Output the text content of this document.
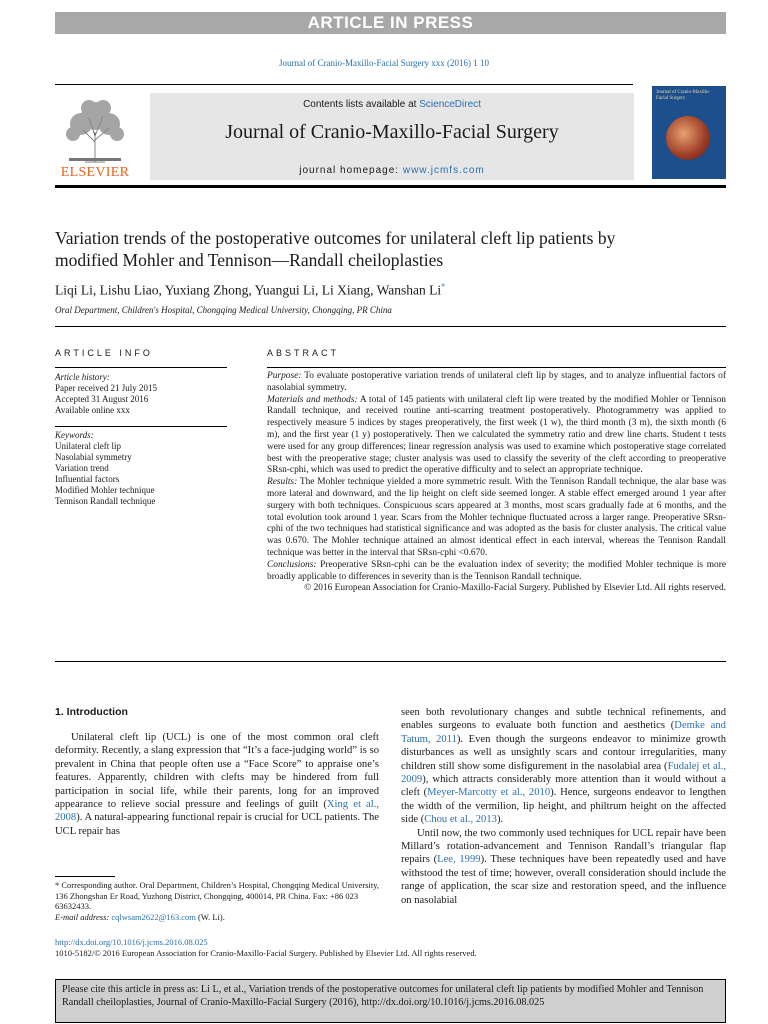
ARTICLE IN PRESS
Journal of Cranio-Maxillo-Facial Surgery xxx (2016) 1 10
ELSEVIER
Contents lists available at ScienceDirect
Journal of Cranio-Maxillo-Facial Surgery
journal homepage: www.jcmfs.com
Journal of Cranio-Maxillo-Facial Surgery
Variation trends of the postoperative outcomes for unilateral cleft lip patients by modified Mohler and Tennison—Randall cheiloplasties
Liqi Li, Lishu Liao, Yuxiang Zhong, Yuangui Li, Li Xiang, Wanshan Li*
Oral Department, Children's Hospital, Chongqing Medical University, Chongqing, PR China
ARTICLE INFO
Article history:
Paper received 21 July 2015
Accepted 31 August 2016
Available online xxx
Keywords:
Unilateral cleft lip
Nasolabial symmetry
Variation trend
Influential factors
Modified Mohler technique
Tennison Randall technique
ABSTRACT

Purpose: To evaluate postoperative variation trends of unilateral cleft lip by stages, and to analyze influential factors of nasolabial symmetry.

Materials and methods: A total of 145 patients with unilateral cleft lip were treated by the modified Mohler or Tennison Randall technique, and received routine anti-scarring treatment postoperatively. Photogrammetry was applied to respectively measure 5 indices by stages preoperatively, the first week (1 w), the third month (3 m), the sixth month (6 m), and the first year (1 y) postoperatively. Then we calculated the symmetry ratio and drew line charts. Student t tests were used for any group differences; linear regression analysis was used to examine which postoperative stage correlated best with the preoperative stage; cluster analysis was used to classify the severity of the cleft according to preoperative SRsn-cphi, which was used to predict the operative difficulty and to select an appropriate technique.

Results: The Mohler technique yielded a more symmetric result. With the Tennison Randall technique, the alar base was more lateral and downward, and the lip height on cleft side seemed longer. A stable effect emerged around 1 year after surgery with both techniques. Conspicuous scars appeared at 3 months, most scars gradually fade at 6 months, and the total evolution took around 1 year. Scars from the Mohler technique fluctuated across a larger range. Preoperative SRsn-cphi of the two techniques had statistical significance and was adopted as the basis for cluster analysis. The critical value was 0.670. The Mohler technique attained an almost identical effect in each interval, whereas the Tennison Randall technique was better in the interval that SRsn-cphi <0.670.

Conclusions: Preoperative SRsn-cphi can be the evaluation index of severity; the modified Mohler technique is more broadly applicable to differences in severity than is the Tennison Randall technique.

© 2016 European Association for Cranio-Maxillo-Facial Surgery. Published by Elsevier Ltd. All rights reserved.

1. Introduction

Unilateral cleft lip (UCL) is one of the most common oral cleft deformity. Recently, a slang expression that “It’s a face-judging world” is so prevalent in China that people often use a “Face Score” to appraise one’s features. Apparently, children with clefts may be hindered from full participation in social life, while their parents, long for an improved appearance to relieve social pressure and feelings of guilt (Xing et al., 2008). A natural-appearing functional repair is crucial for UCL patients. The UCL repair has

seen both revolutionary changes and subtle technical refinements, and enables surgeons to evaluate both function and aesthetics (Demke and Tatum, 2011). Even though the surgeons endeavor to minimize growth disturbances as well as unsightly scars and contour irregularities, many children still show some disfigurement in the nasolabial area (Fudalej et al., 2009), which attracts considerably more attention than it would without a cleft (Meyer-Marcotty et al., 2010). Hence, surgeons endeavor to lengthen the width of the vermilion, lip height, and philtrum height on the affected side (Chou et al., 2013).

Until now, the two commonly used techniques for UCL repair have been Millard’s rotation-advancement and Tennison Randall’s triangular flap repairs (Lee, 1999). These techniques have been repeatedly used and have withstood the test of time; however, overall consideration should include the range of application, the scar size and restoration speed, and the influence on nasolabial

* Corresponding author. Oral Department, Children’s Hospital, Chongqing Medical University, 136 Zhongshan Er Road, Yuzhong District, Chongqing, 400014, PR China. Fax: +86 023 63632433.
E-mail address: cqlwsam2622@163.com (W. Li).
http://dx.doi.org/10.1016/j.jcms.2016.08.025
1010-5182/© 2016 European Association for Cranio-Maxillo-Facial Surgery. Published by Elsevier Ltd. All rights reserved.
Please cite this article in press as: Li L, et al., Variation trends of the postoperative outcomes for unilateral cleft lip patients by modified Mohler and Tennison Randall cheiloplasties, Journal of Cranio-Maxillo-Facial Surgery (2016), http://dx.doi.org/10.1016/j.jcms.2016.08.025
